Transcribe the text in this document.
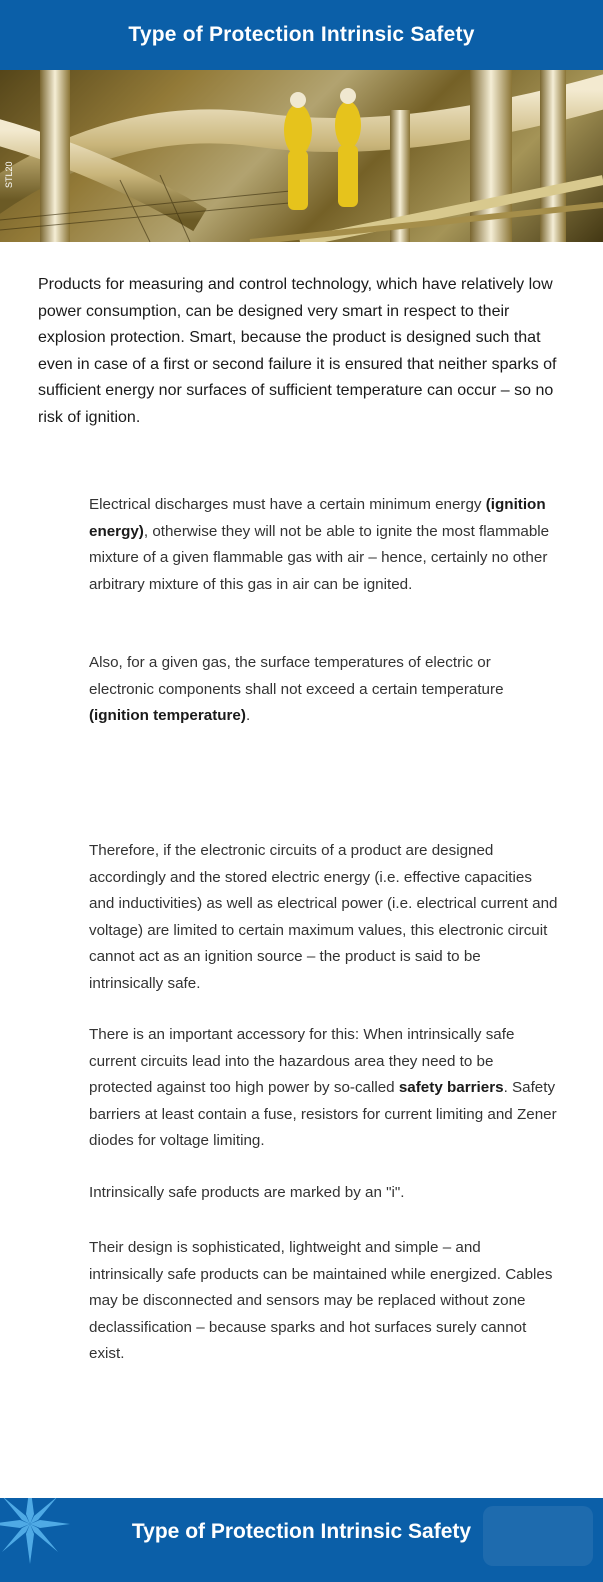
Type of Protection Intrinsic Safety
STL20
Products for measuring and control technology, which have relatively low power consumption, can be designed very smart in respect to their explosion protection. Smart, because the product is designed such that even in case of a first or second failure it is ensured that neither sparks of sufficient energy nor surfaces of sufficient temperature can occur – so no risk of ignition.
Electrical discharges must have a certain minimum energy (ignition energy), otherwise they will not be able to ignite the most flammable mixture of a given flammable gas with air – hence, certainly no other arbitrary mixture of this gas in air can be ignited.
Also, for a given gas, the surface temperatures of electric or electronic components shall not exceed a certain temperature (ignition temperature).
Therefore, if the electronic circuits of a product are designed accordingly and the stored electric energy (i.e. effective capacities and inductivities) as well as electrical power (i.e. electrical current and voltage) are limited to certain maximum values, this electronic circuit cannot act as an ignition source – the product is said to be intrinsically safe.
There is an important accessory for this: When intrinsically safe current circuits lead into the hazardous area they need to be protected against too high power by so-called safety barriers. Safety barriers at least contain a fuse, resistors for current limiting and Zener diodes for voltage limiting.
Intrinsically safe products are marked by an "i".
Their design is sophisticated, lightweight and simple – and intrinsically safe products can be maintained while energized. Cables may be disconnected and sensors may be replaced without zone declassification – because sparks and hot surfaces surely cannot exist.
Type of Protection Intrinsic Safety
